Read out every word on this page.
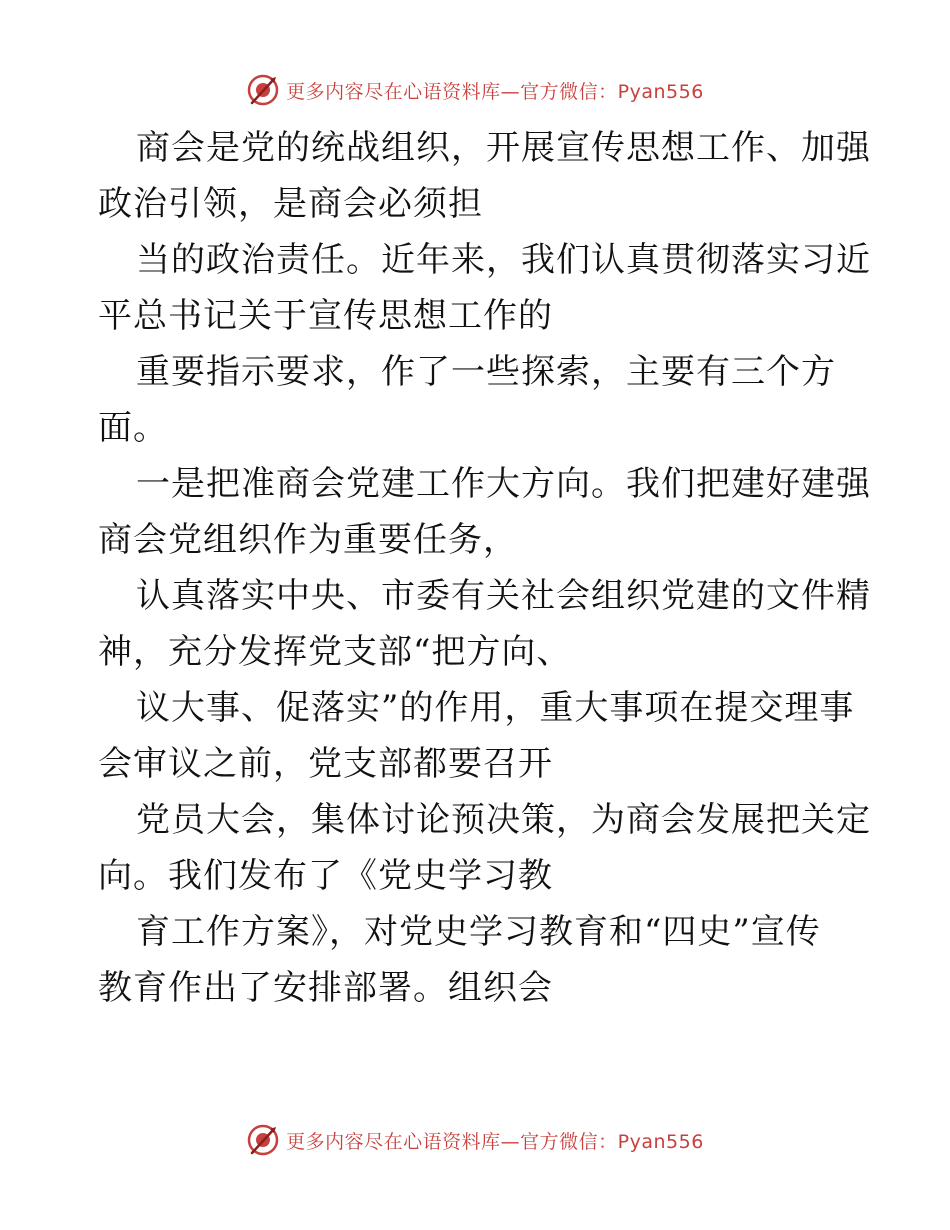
更多内容尽在心语资料库—官方微信：Pyan556
商会是党的统战组织，开展宣传思想工作、加强
政治引领，是商会必须担
当的政治责任。近年来，我们认真贯彻落实习近
平总书记关于宣传思想工作的
重要指示要求，作了一些探索，主要有三个方
面。
一是把准商会党建工作大方向。我们把建好建强
商会党组织作为重要任务，
认真落实中央、市委有关社会组织党建的文件精
神，充分发挥党支部“把方向、
议大事、促落实”的作用，重大事项在提交理事
会审议之前，党支部都要召开
党员大会，集体讨论预决策，为商会发展把关定
向。我们发布了《党史学习教
育工作方案》，对党史学习教育和“四史”宣传
教育作出了安排部署。组织会
更多内容尽在心语资料库—官方微信：Pyan556
